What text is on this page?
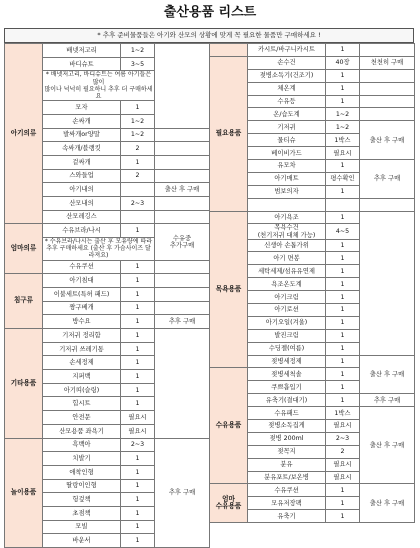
출산용품 리스트
* 추후 준비물품들은 아기와 산모의 상황에 맞게 꼭 필요한 물품만 구매하세요 !
아기의류	배넷저고리	1~2	
	바디슈트	3~5	
	* 배넷저고리, 바디슈트는 여름 아기들은 많이
많이나 넉넉히 필요하니 추후 더 구매하세요		
	모자	1	
	손싸개	1~2	
	발싸개or양말	1~2	
	속싸개/블랭킷	2	
	겉싸개	1	
	스와들업	2	
	아기내의		출산 후 구매
	산모내의	2~3	
	산모레깅스		
엄마의류	수유브라/나시	1	수유중
추가구매
	* 수유브라/나시는 출산 후 모유량에 따라
추후 구매하세요 (출산 후 가슴사이즈 달라져요)		
	수유쿠션	1	
침구류	아기침대	1	
	이불세트(특허 패드)	1	
	짱구베개	1	
	방수요	1	추후 구매
기타용품	기저귀 정리함	1	
	기저귀 쓰레기통	1	
	손세정제	1	
	지퍼백	1	
	아기띠(슬링)	1	
	힙시트	1	
	안전문	필요시	
	산모용품 좌욕기	필요시	
놀이용품	흑백아	2~3	추후 구매
	치발기	1	
	애착인형	1	
	딸랑이인형	1	
	헝겊책	1	
	초점책	1	
	모빌	1	
	바운서	1	
	카시트/바구니카시트	1	
필요용품	손수건	40장	천천히 구매
	젖병소독기(건조기)	1	
	체온계	1	
	수유등	1	
	온/습도계	1~2	
	기저귀	1~2	출산 후 구매
	물티슈	1박스	
	베이비가드	필요시	
	유모차	1	추후 구매
	아기매트	평수확인	
	범보의자	1	

목욕용품	아기욕조	1	
	목욕수건
(천기저귀 대체 가능)	4~5	
	신생아 손톱가위	1	
	아기 면봉	1	
	세탁세제/섬유유연제	1	
	욕조온도계	1	
	아기크림	1	
	아기로션	1	
	아기오일(겨울)	1	
	발진크림	1	
	수딩젤(여름)	1	
	젖병세정제	1	출산 후 구매
수유용품	젖병세척솔	1	
	쿠쁘흡입기	1	
	유축기(결대기)	1	추후 구매
	수유패드	1박스	출산 후 구매
	젖병소독집게	필요시	
	젖병 200ml	2~3	
	젖꼭지	2	
	분유	필요시	
	분유포트/보온병	필요시	
엄마
수유용품	수유쿠션	1	출산 후 구매
	모유저장팩	1	
	유축기	1	
